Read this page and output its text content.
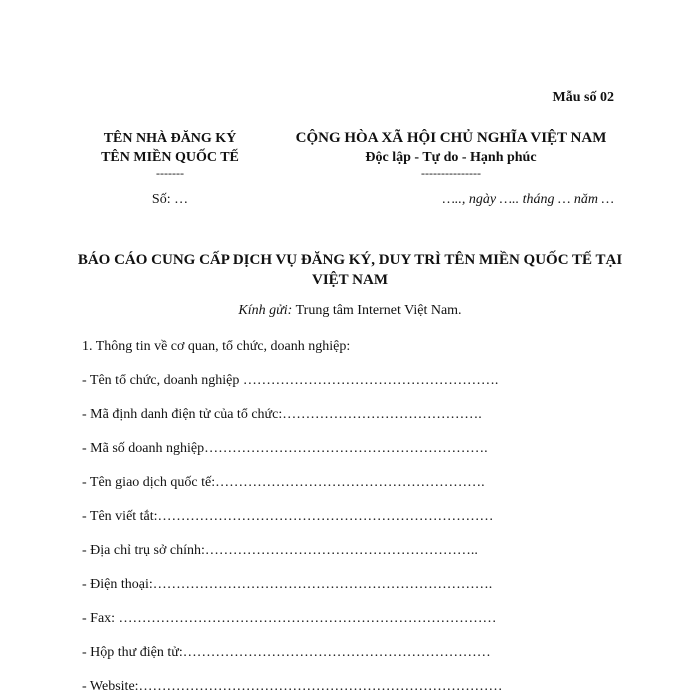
Mẫu số 02
TÊN NHÀ ĐĂNG KÝ
TÊN MIỀN QUỐC TẾ
-------
CỘNG HÒA XÃ HỘI CHỦ NGHĨA VIỆT NAM
Độc lập - Tự do - Hạnh phúc
---------------
Số: …	….., ngày ….. tháng … năm …
BÁO CÁO CUNG CẤP DỊCH VỤ ĐĂNG KÝ, DUY TRÌ TÊN MIỀN QUỐC TẾ TẠI VIỆT NAM
Kính gửi: Trung tâm Internet Việt Nam.
1. Thông tin về cơ quan, tổ chức, doanh nghiệp:
- Tên tổ chức, doanh nghiệp ……………………………………………….
- Mã định danh điện tử của tổ chức:…………………………………….
- Mã số doanh nghiệp…………………………………………………….
- Tên giao dịch quốc tế:………………………………………………….
- Tên viết tắt:………………………………………………………………
- Địa chỉ trụ sở chính:…………………………………………………..
- Điện thoại:……………………………………………………………….
- Fax: ………………………………………………………………………
- Hộp thư điện tử:…………………………………………………………
- Website:……………………………………………………………………
